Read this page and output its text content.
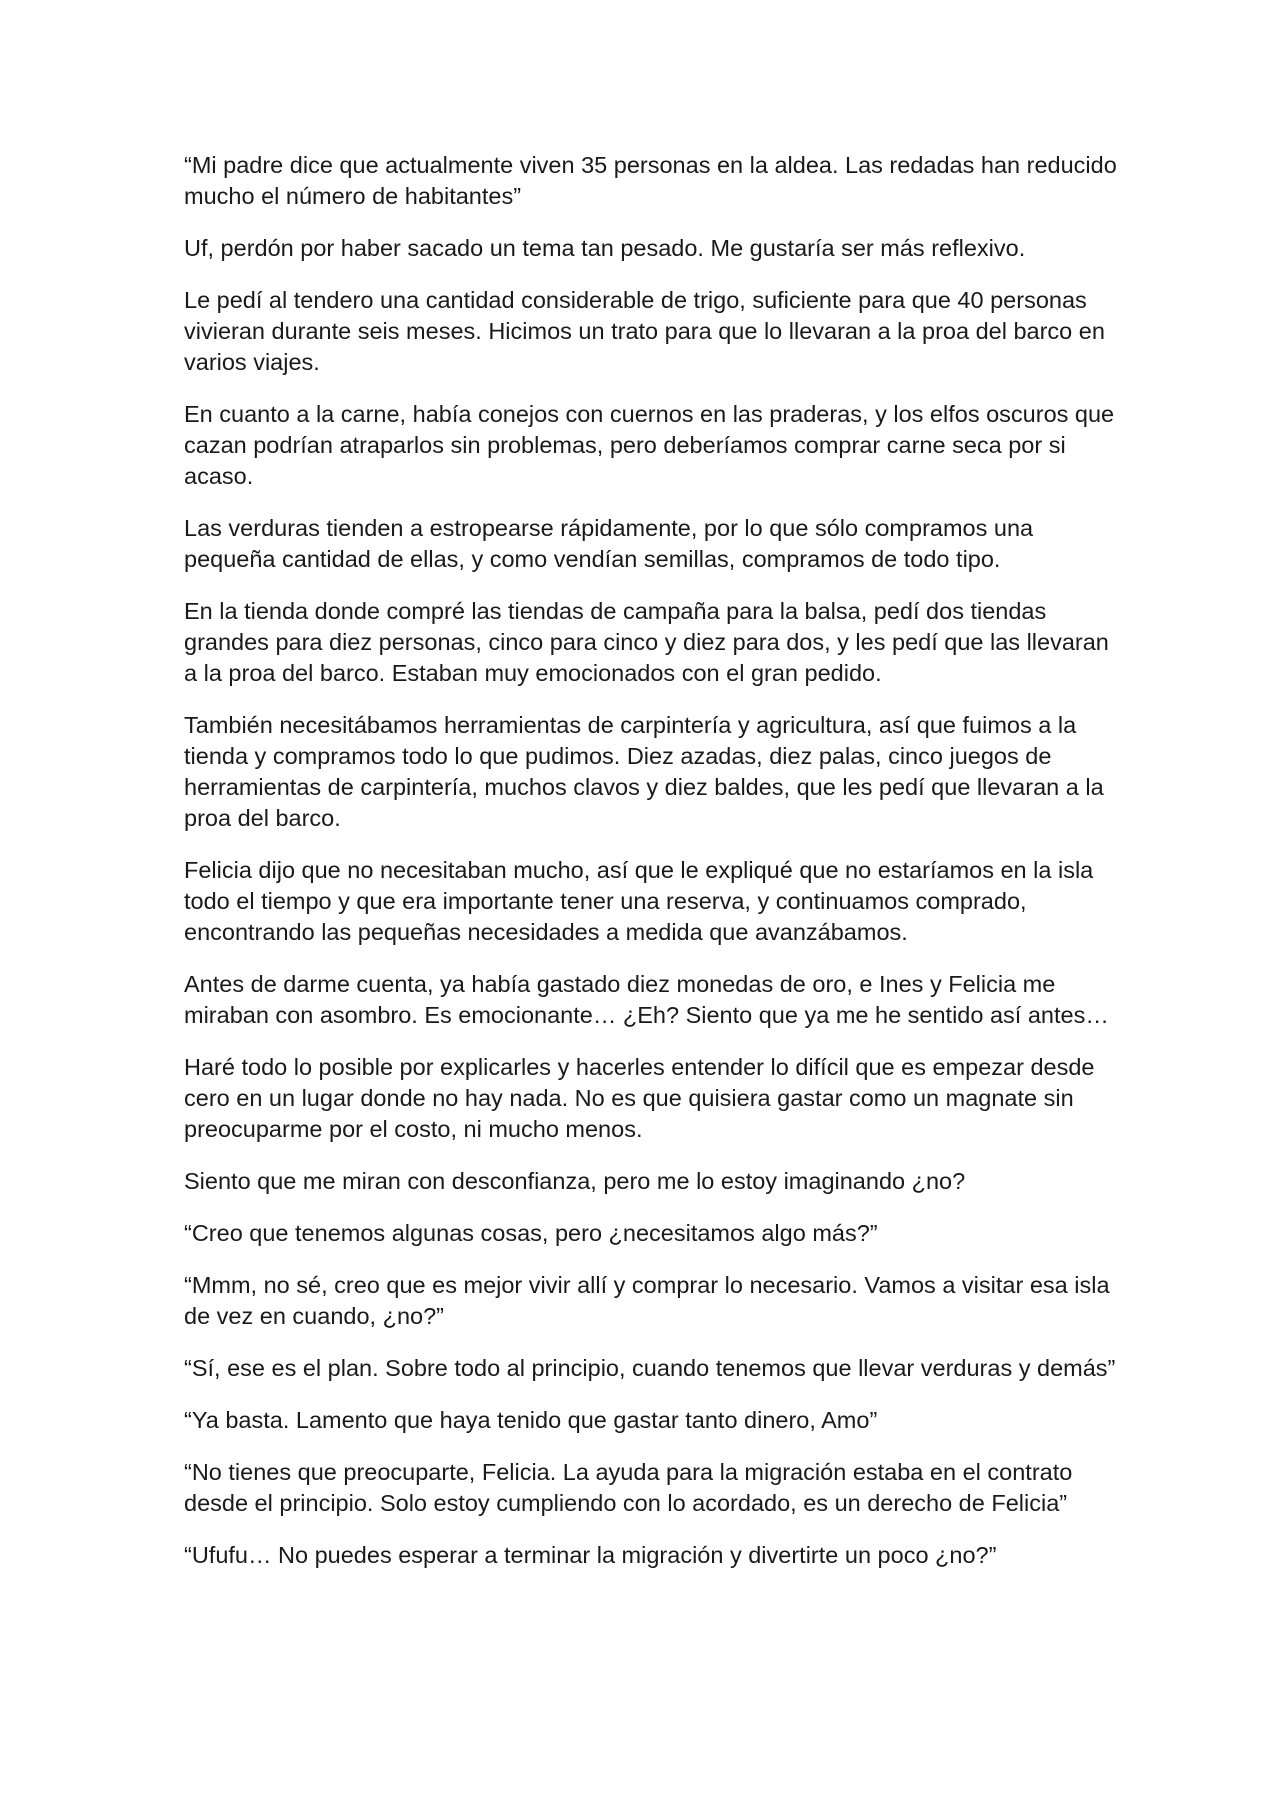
“Mi padre dice que actualmente viven 35 personas en la aldea. Las redadas han reducido mucho el número de habitantes”

Uf, perdón por haber sacado un tema tan pesado. Me gustaría ser más reflexivo.

Le pedí al tendero una cantidad considerable de trigo, suficiente para que 40 personas vivieran durante seis meses. Hicimos un trato para que lo llevaran a la proa del barco en varios viajes.

En cuanto a la carne, había conejos con cuernos en las praderas, y los elfos oscuros que cazan podrían atraparlos sin problemas, pero deberíamos comprar carne seca por si acaso.

Las verduras tienden a estropearse rápidamente, por lo que sólo compramos una pequeña cantidad de ellas, y como vendían semillas, compramos de todo tipo.

En la tienda donde compré las tiendas de campaña para la balsa, pedí dos tiendas grandes para diez personas, cinco para cinco y diez para dos, y les pedí que las llevaran a la proa del barco. Estaban muy emocionados con el gran pedido.

También necesitábamos herramientas de carpintería y agricultura, así que fuimos a la tienda y compramos todo lo que pudimos. Diez azadas, diez palas, cinco juegos de herramientas de carpintería, muchos clavos y diez baldes, que les pedí que llevaran a la proa del barco.

Felicia dijo que no necesitaban mucho, así que le expliqué que no estaríamos en la isla todo el tiempo y que era importante tener una reserva, y continuamos comprado, encontrando las pequeñas necesidades a medida que avanzábamos.

Antes de darme cuenta, ya había gastado diez monedas de oro, e Ines y Felicia me miraban con asombro. Es emocionante… ¿Eh? Siento que ya me he sentido así antes…

Haré todo lo posible por explicarles y hacerles entender lo difícil que es empezar desde cero en un lugar donde no hay nada. No es que quisiera gastar como un magnate sin preocuparme por el costo, ni mucho menos.

Siento que me miran con desconfianza, pero me lo estoy imaginando ¿no?

“Creo que tenemos algunas cosas, pero ¿necesitamos algo más?”

“Mmm, no sé, creo que es mejor vivir allí y comprar lo necesario. Vamos a visitar esa isla de vez en cuando, ¿no?”

“Sí, ese es el plan. Sobre todo al principio, cuando tenemos que llevar verduras y demás”

“Ya basta. Lamento que haya tenido que gastar tanto dinero, Amo”

“No tienes que preocuparte, Felicia. La ayuda para la migración estaba en el contrato desde el principio. Solo estoy cumpliendo con lo acordado, es un derecho de Felicia”

“Ufufu… No puedes esperar a terminar la migración y divertirte un poco ¿no?”
